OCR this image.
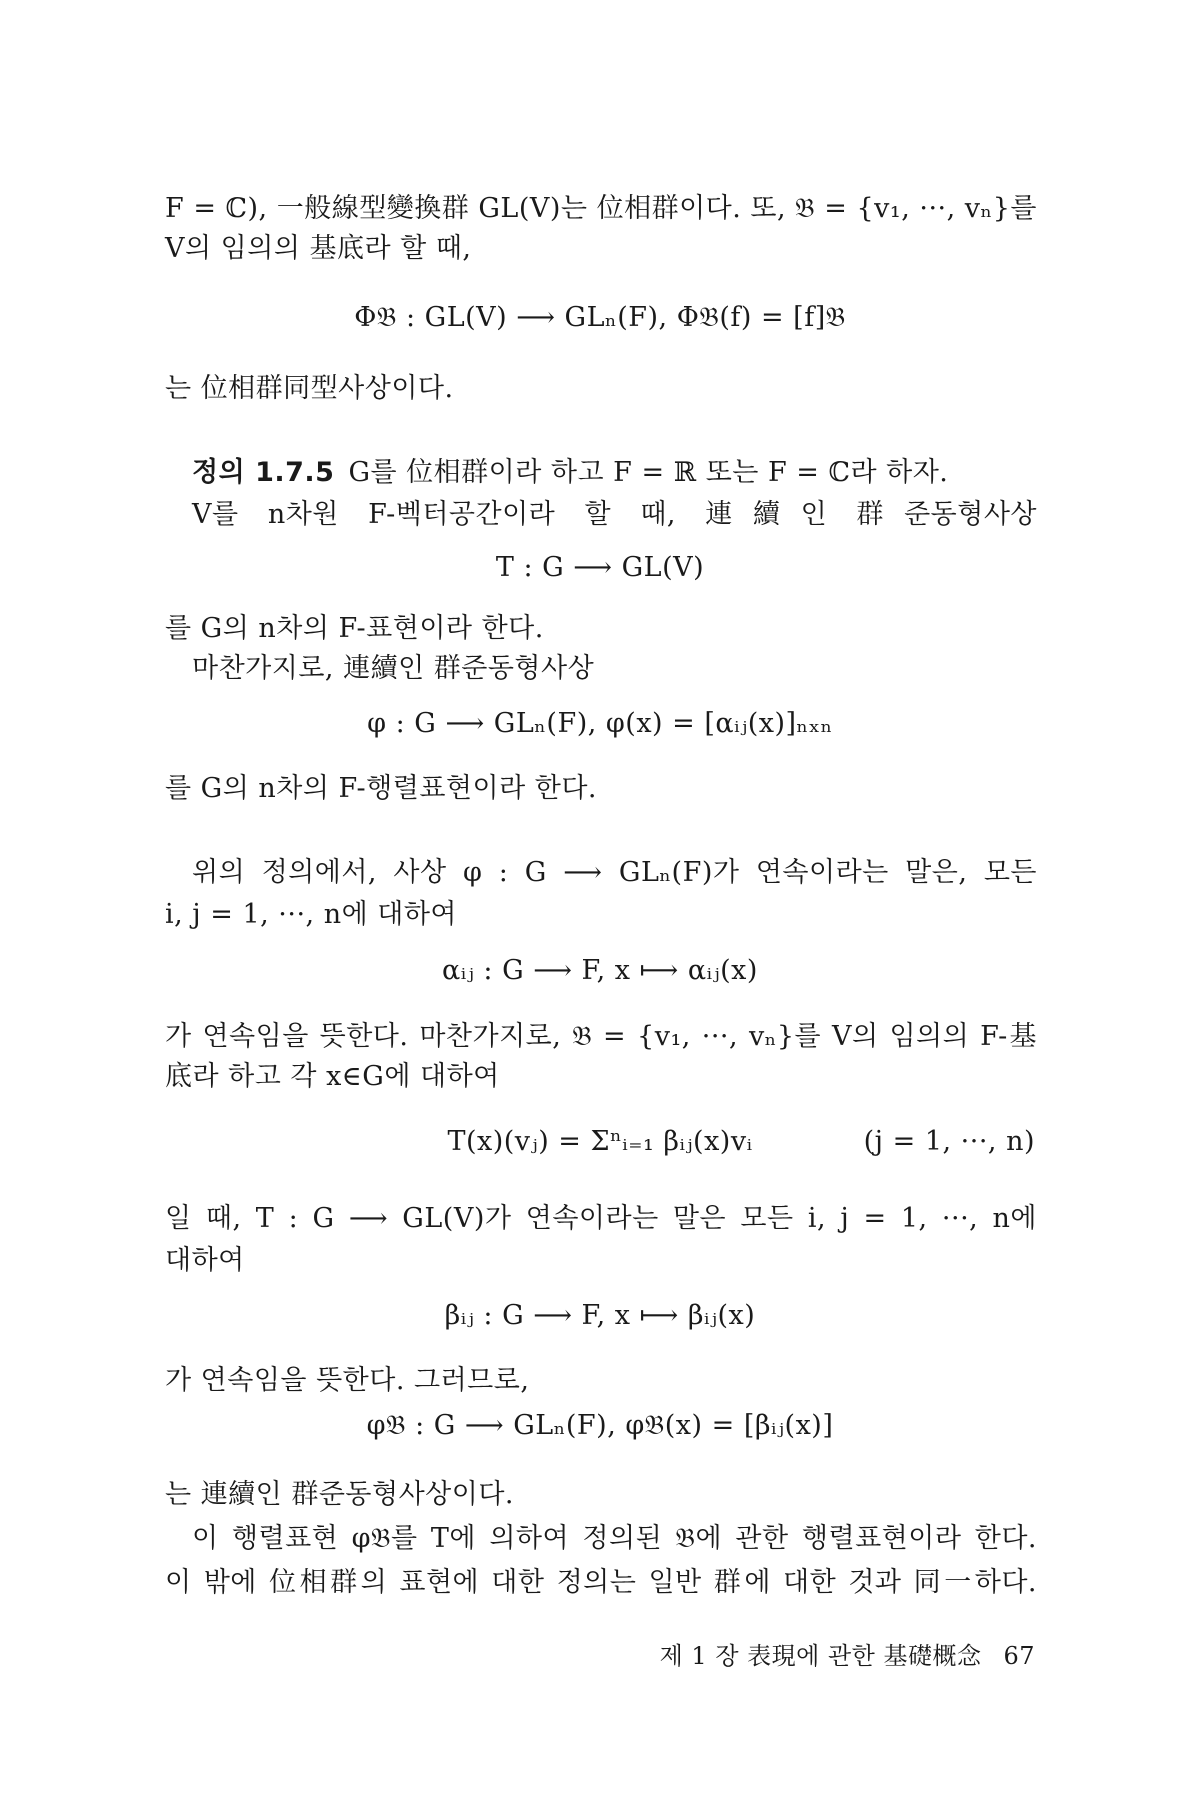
F = ℂ), 一般線型變換群 GL(V)는 位相群이다. 또, 𝔅 = {v₁, ···, vₙ}를
V의 임의의 基底라 할 때,
Φ𝔅 : GL(V) ⟶ GLₙ(F), Φ𝔅(f) = [f]𝔅
는 位相群同型사상이다.
정의 1.7.5 G를 位相群이라 하고 F = ℝ 또는 F = ℂ라 하자.
V를 n차원 F-벡터공간이라 할 때, 連續인 群준동형사상
T : G ⟶ GL(V)
를 G의 n차의 F-표현이라 한다.
마찬가지로, 連續인 群준동형사상
φ : G ⟶ GLₙ(F), φ(x) = [αᵢⱼ(x)]ₙₓₙ
를 G의 n차의 F-행렬표현이라 한다.
위의 정의에서, 사상 φ : G ⟶ GLₙ(F)가 연속이라는 말은, 모든
i, j = 1, ···, n에 대하여
αᵢⱼ : G ⟶ F, x ⟼ αᵢⱼ(x)
가 연속임을 뜻한다. 마찬가지로, 𝔅 = {v₁, ···, vₙ}를 V의 임의의 F-基
底라 하고 각 x∈G에 대하여
T(x)(vⱼ) = Σⁿᵢ₌₁ βᵢⱼ(x)vᵢ	(j = 1, ···, n)
일 때, T : G ⟶ GL(V)가 연속이라는 말은 모든 i, j = 1, ···, n에
대하여
βᵢⱼ : G ⟶ F, x ⟼ βᵢⱼ(x)
가 연속임을 뜻한다. 그러므로,
φ𝔅 : G ⟶ GLₙ(F), φ𝔅(x) = [βᵢⱼ(x)]
는 連續인 群준동형사상이다.
이 행렬표현 φ𝔅를 T에 의하여 정의된 𝔅에 관한 행렬표현이라 한다.
이 밖에 位相群의 표현에 대한 정의는 일반 群에 대한 것과 同一하다.
제 1 장 表現에 관한 基礎概念 67
